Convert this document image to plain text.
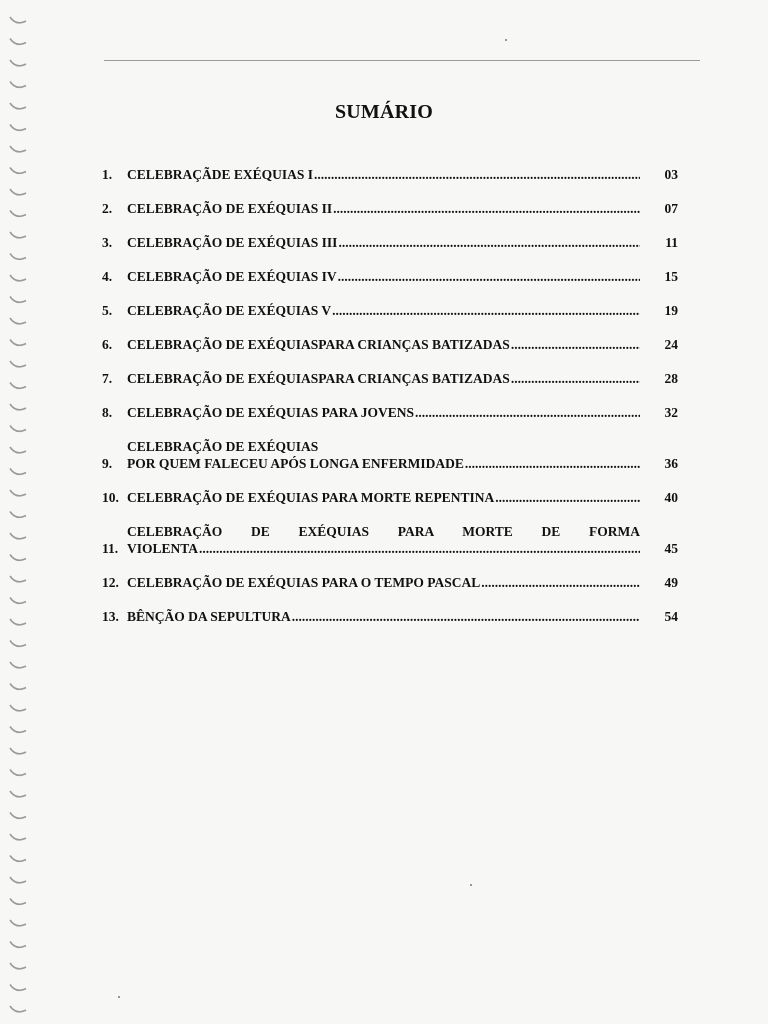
SUMÁRIO
1.	CELEBRAÇÃDE EXÉQUIAS I .....	03
2.	CELEBRAÇÃO DE EXÉQUIAS II .....	07
3.	CELEBRAÇÃO DE EXÉQUIAS III .....	11
4.	CELEBRAÇÃO DE EXÉQUIAS IV .....	15
5.	CELEBRAÇÃO DE EXÉQUIAS V .....	19
6.	CELEBRAÇÃO DE EXÉQUIASPARA CRIANÇAS BATIZADAS .....	24
7.	CELEBRAÇÃO DE EXÉQUIASPARA CRIANÇAS BATIZADAS .....	28
8.	CELEBRAÇÃO DE EXÉQUIAS PARA JOVENS .....	32
9.
CELEBRAÇÃO DE EXÉQUIAS
POR QUEM FALECEU APÓS LONGA ENFERMIDADE .....	36
10. CELEBRAÇÃO DE EXÉQUIAS PARA MORTE REPENTINA .....	40
11.
CELEBRAÇÃO DE EXÉQUIAS PARA MORTE DE FORMA
VIOLENTA .....	45
12. CELEBRAÇÃO DE EXÉQUIAS PARA O TEMPO PASCAL .....	49
13. BÊNÇÃO DA SEPULTURA .....	54
